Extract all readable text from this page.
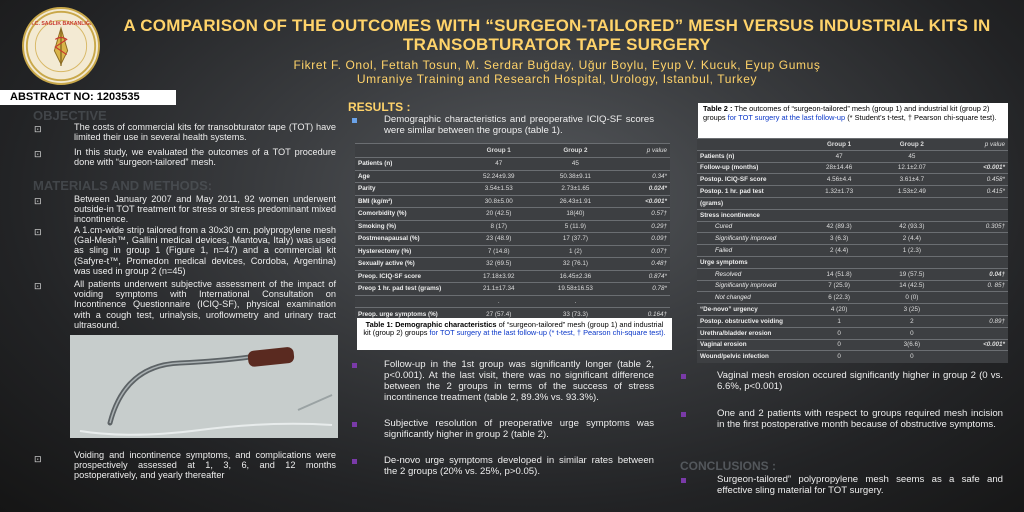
T.C. SAĞLIK BAKANLIĞI	A COMPARISON OF THE OUTCOMES WITH “SURGEON-TAILORED” MESH VERSUS INDUSTRIAL KITS IN TRANSOBTURATOR TAPE SURGERY
Fikret F. Onol, Fettah Tosun, M. Serdar Buğday, Uğur Boylu, Eyup V. Kucuk, Eyup Gumuş
Umraniye Training and Research Hospital, Urology, Istanbul, Turkey
ABSTRACT NO: 1203535
OBJECTIVE
⊡	The costs of commercial kits for transobturator tape (TOT) have limited their use in several health systems.
⊡	In this study, we evaluated the outcomes of a TOT procedure done with “surgeon-tailored” mesh.
MATERIALS AND METHODS:
⊡	Between January 2007 and May 2011, 92 women underwent outside-in TOT treatment for stress or stress predominant mixed incontinence.
⊡	A 1.cm-wide strip tailored from a 30x30 cm. polypropylene mesh (Gal-Mesh™, Gallini medical devices, Mantova, Italy) was used as sling in group 1 (Figure 1, n=47) and a commercial kit (Safyre-t™, Promedon medical devices, Cordoba, Argentina) was used in group 2 (n=45)
⊡	All patients underwent subjective assessment of the impact of voiding symptoms with International Consultation on Incontinence Questionnaire (ICIQ-SF), physical examination with a cough test, urinalysis, uroflowmetry and urinary tract ultrasound.
⊡	Voiding and incontinence symptoms, and complications were prospectively assessed at 1, 3, 6, and 12 months postoperatively, and yearly thereafter
RESULTS :
Demographic characteristics and preoperative ICIQ-SF scores were similar between the groups (table 1).
	Group 1	Group 2	p value
Patients (n)	47	45	
Age	52.24±9.39	50.38±9.11	0.34*
Parity	3.54±1.53	2.73±1.65	0.024*
BMI (kg/m²)	30.8±5.00	26.43±1.91	<0.001*
Comorbidity (%)	20 (42.5)	18(40)	0.57†
Smoking (%)	8 (17)	5 (11.9)	0.29†
Postmenapausal (%)	23 (48.9)	17 (37.7)	0.09†
Hysterectomy (%)	7 (14.8)	1 (2)	0.07†
Sexually active (%)	32 (69.5)	32 (76.1)	0.48†
Preop. ICIQ-SF score	17.18±3.92	16.45±2.36	0.874*
Preop 1 hr. pad test (grams)	21.1±17.34	19.58±16.53	0.78*
	.	.	
Preop. urge symptoms (%)	27 (57.4)	33 (73.3)	0.164†
Table 1: Demographic characteristics of “surgeon-tailored” mesh (group 1) and industrial kit (group 2) groups for TOT surgery at the last follow-up (* t-test, † Pearson chi-square test).
Follow-up in the 1st group was significantly longer (table 2, p<0.001). At the last visit, there was no significant difference between the 2 groups in terms of the success of stress incontinence treatment (table 2, 89.3% vs. 93.3%).
Subjective resolution of preoperative urge symptoms was significantly higher in group 2 (table 2).
De-novo urge symptoms developed in similar rates between the 2 groups (20% vs. 25%, p>0.05).
Table 2 : The outcomes of “surgeon-tailored” mesh (group 1) and industrial kit (group 2) groups for TOT surgery at the last follow-up (* Student’s t-test, † Pearson chi-square test).
	Group 1	Group 2	p value
Patients (n)	47	45	
Follow-up (months)	28±14.46	12.1±2.07	<0.001*
Postop. ICIQ-SF score	4.56±4.4	3.61±4.7	0.458*
Postop. 1 hr. pad test	1.32±1.73	1.53±2.49	0.415*
(grams)			
Stress incontinence			
Cured	42 (89.3)	42 (93.3)	0.305†
Significantly improved	3 (6.3)	2 (4.4)	
Failed	2 (4.4)	1 (2.3)	
Urge symptoms			
Resolved	14 (51.8)	19 (57.5)	0.04†
Significantly improved	7 (25.9)	14 (42.5)	0. 85†
Not changed	6 (22.3)	0 (0)	
“De-novo” urgency	4 (20)	3 (25)	
Postop. obstructive voiding	1	2	0.89†
Urethra/bladder erosion	0	0	
Vaginal erosion	0	3(6.6)	<0.001*
Wound/pelvic infection	0	0	
Vaginal mesh erosion occured significantly higher in group 2 (0 vs. 6.6%, p<0.001)
One and 2 patients with respect to groups required mesh incision in the first postoperative month because of obstructive symptoms.
CONCLUSIONS :
Surgeon-tailored” polypropylene mesh seems as a safe and effective sling material for TOT surgery.
